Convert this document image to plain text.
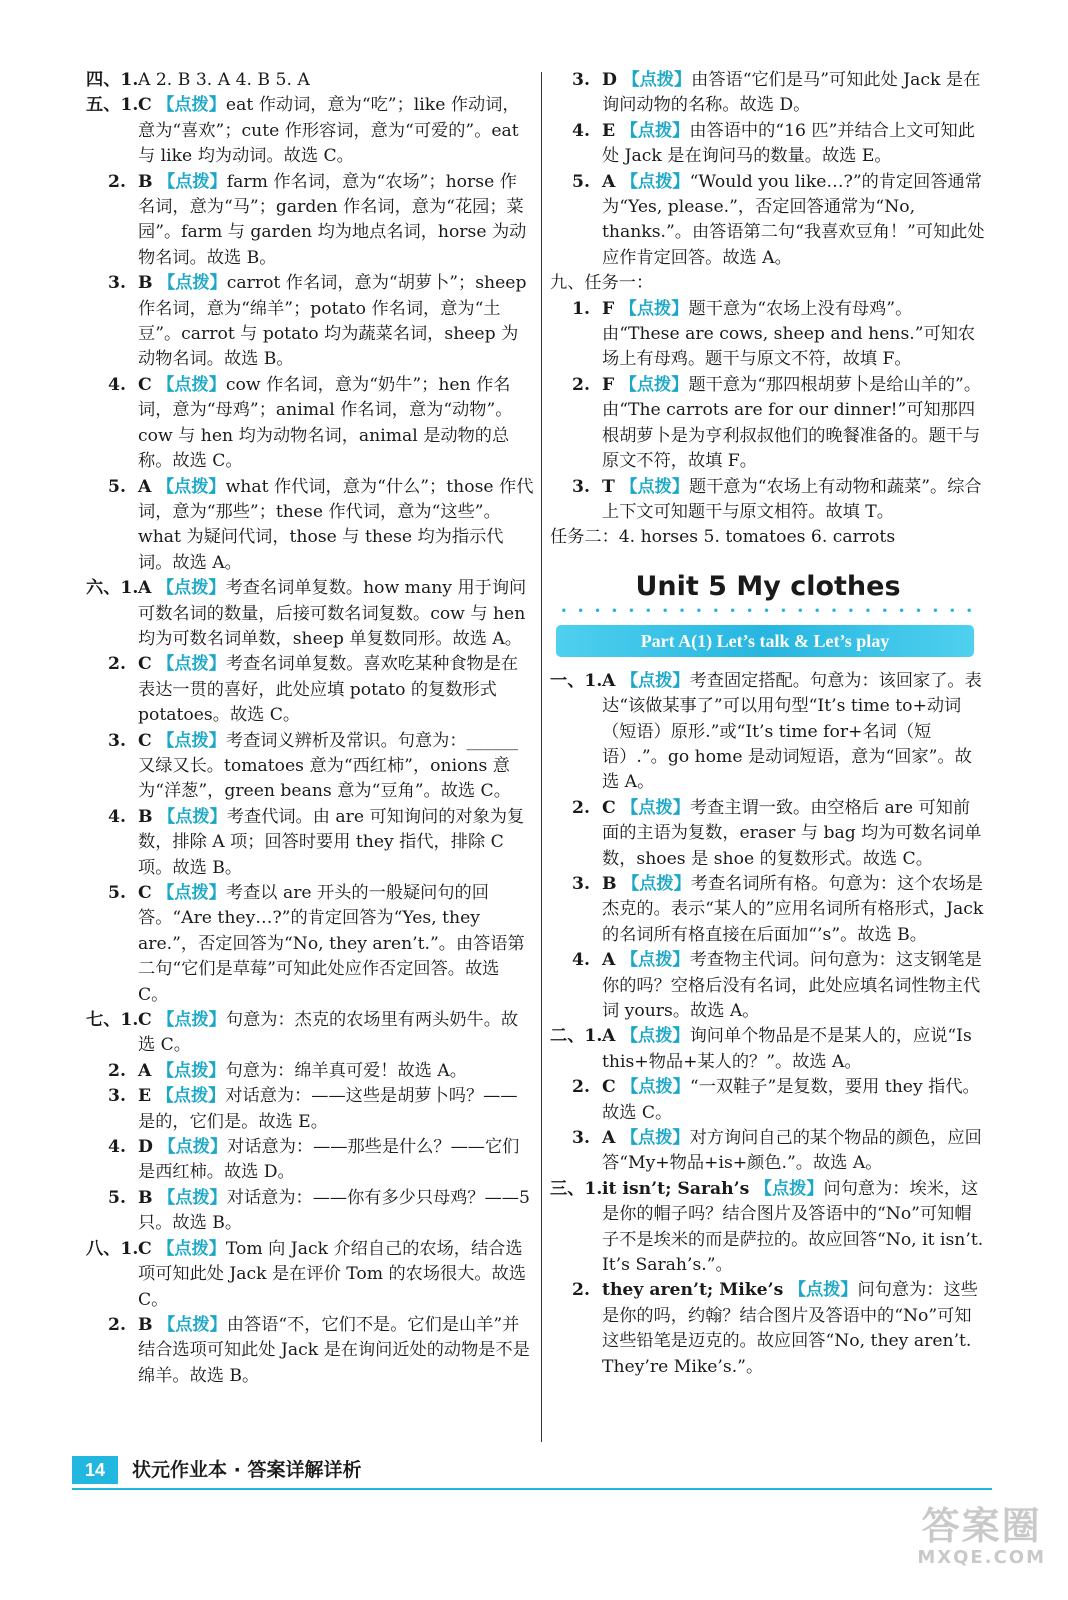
四、1. A 2. B 3. A 4. B 5. A
五、1. C 【点拨】eat 作动词，意为“吃”；like 作动词，意为“喜欢”；cute 作形容词，意为“可爱的”。eat 与 like 均为动词。故选 C。
2. B 【点拨】farm 作名词，意为“农场”；horse 作名词，意为“马”；garden 作名词，意为“花园；菜园”。farm 与 garden 均为地点名词，horse 为动物名词。故选 B。
3. B 【点拨】carrot 作名词，意为“胡萝卜”；sheep 作名词，意为“绵羊”；potato 作名词，意为“土豆”。carrot 与 potato 均为蔬菜名词，sheep 为动物名词。故选 B。
4. C 【点拨】cow 作名词，意为“奶牛”；hen 作名词，意为“母鸡”；animal 作名词，意为“动物”。cow 与 hen 均为动物名词，animal 是动物的总称。故选 C。
5. A 【点拨】what 作代词，意为“什么”；those 作代词，意为“那些”；these 作代词，意为“这些”。what 为疑问代词，those 与 these 均为指示代词。故选 A。
六、1. A 【点拨】考查名词单复数。how many 用于询问可数名词的数量，后接可数名词复数。cow 与 hen 均为可数名词单数，sheep 单复数同形。故选 A。
2. C 【点拨】考查名词单复数。喜欢吃某种食物是在表达一贯的喜好，此处应填 potato 的复数形式 potatoes。故选 C。
3. C 【点拨】考查词义辨析及常识。句意为：______又绿又长。tomatoes 意为“西红柿”，onions 意为“洋葱”，green beans 意为“豆角”。故选 C。
4. B 【点拨】考查代词。由 are 可知询问的对象为复数，排除 A 项；回答时要用 they 指代，排除 C 项。故选 B。
5. C 【点拨】考查以 are 开头的一般疑问句的回答。“Are they…?”的肯定回答为“Yes, they are.”，否定回答为“No, they aren’t.”。由答语第二句“它们是草莓”可知此处应作否定回答。故选 C。
七、1. C 【点拨】句意为：杰克的农场里有两头奶牛。故选 C。
2. A 【点拨】句意为：绵羊真可爱！故选 A。
3. E 【点拨】对话意为：——这些是胡萝卜吗？——是的，它们是。故选 E。
4. D 【点拨】对话意为：——那些是什么？——它们是西红柿。故选 D。
5. B 【点拨】对话意为：——你有多少只母鸡？——5 只。故选 B。
八、1. C 【点拨】Tom 向 Jack 介绍自己的农场，结合选项可知此处 Jack 是在评价 Tom 的农场很大。故选 C。
2. B 【点拨】由答语“不，它们不是。它们是山羊”并结合选项可知此处 Jack 是在询问近处的动物是不是绵羊。故选 B。
3. D 【点拨】由答语“它们是马”可知此处 Jack 是在询问动物的名称。故选 D。
4. E 【点拨】由答语中的“16 匹”并结合上文可知此处 Jack 是在询问马的数量。故选 E。
5. A 【点拨】“Would you like…?”的肯定回答通常为“Yes, please.”，否定回答通常为“No, thanks.”。由答语第二句“我喜欢豆角！”可知此处应作肯定回答。故选 A。
九、任务一：
1. F 【点拨】题干意为“农场上没有母鸡”。由“These are cows, sheep and hens.”可知农场上有母鸡。题干与原文不符，故填 F。
2. F 【点拨】题干意为“那四根胡萝卜是给山羊的”。由“The carrots are for our dinner!”可知那四根胡萝卜是为亨利叔叔他们的晚餐准备的。题干与原文不符，故填 F。
3. T 【点拨】题干意为“农场上有动物和蔬菜”。综合上下文可知题干与原文相符。故填 T。
任务二：4. horses 5. tomatoes 6. carrots
Unit 5 My clothes
• • • • • • • • • • • • • • • • • • • • • • • • •
Part A(1) Let’s talk & Let’s play
一、1. A 【点拨】考查固定搭配。句意为：该回家了。表达“该做某事了”可以用句型“It’s time to+动词（短语）原形.”或“It’s time for+名词（短语）.”。go home 是动词短语，意为“回家”。故选 A。
2. C 【点拨】考查主谓一致。由空格后 are 可知前面的主语为复数，eraser 与 bag 均为可数名词单数，shoes 是 shoe 的复数形式。故选 C。
3. B 【点拨】考查名词所有格。句意为：这个农场是杰克的。表示“某人的”应用名词所有格形式，Jack 的名词所有格直接在后面加“’s”。故选 B。
4. A 【点拨】考查物主代词。问句意为：这支钢笔是你的吗？空格后没有名词，此处应填名词性物主代词 yours。故选 A。
二、1. A 【点拨】询问单个物品是不是某人的，应说“Is this+物品+某人的？”。故选 A。
2. C 【点拨】“一双鞋子”是复数，要用 they 指代。故选 C。
3. A 【点拨】对方询问自己的某个物品的颜色，应回答“My+物品+is+颜色.”。故选 A。
三、1. it isn’t; Sarah’s 【点拨】问句意为：埃米，这是你的帽子吗？结合图片及答语中的“No”可知帽子不是埃米的而是萨拉的。故应回答“No, it isn’t. It’s Sarah’s.”。
2. they aren’t; Mike’s 【点拨】问句意为：这些是你的吗，约翰？结合图片及答语中的“No”可知这些铅笔是迈克的。故应回答“No, they aren’t. They’re Mike’s.”。
14	状元作业本 · 答案详解详析
答案圈
MXQE.COM
